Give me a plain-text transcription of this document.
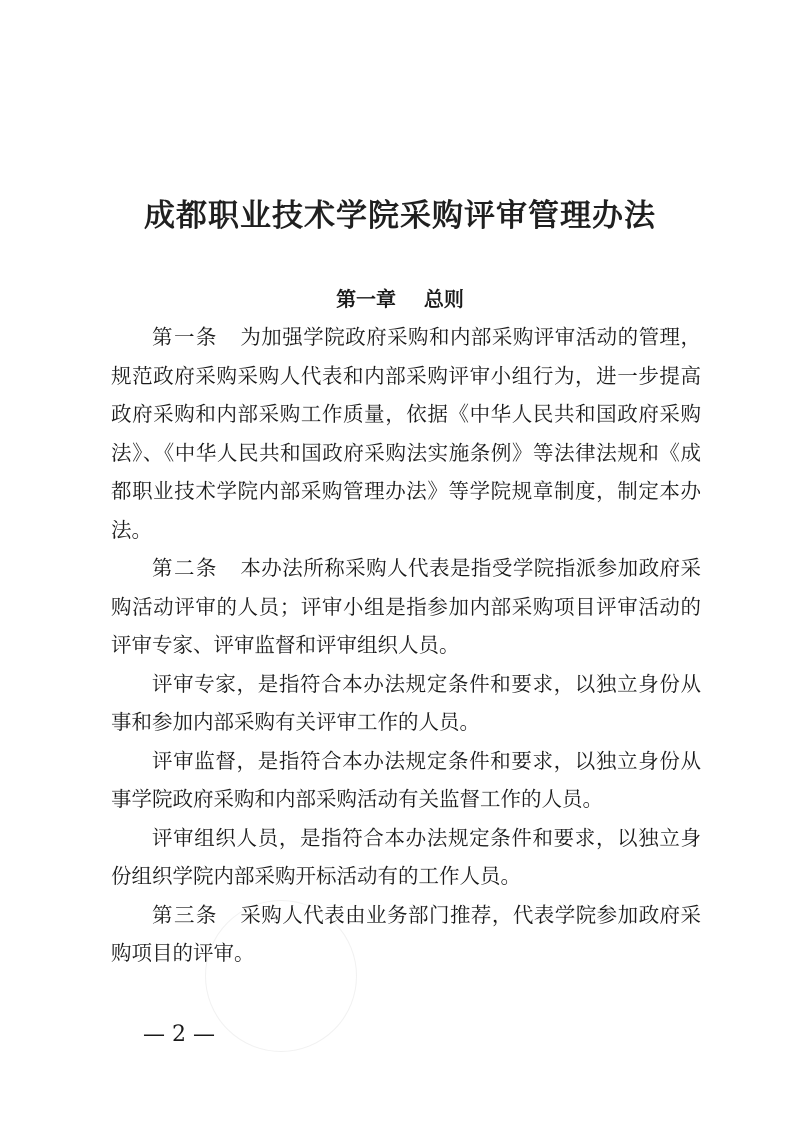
成都职业技术学院采购评审管理办法
第一章    总则

第一条 为加强学院政府采购和内部采购评审活动的管理，规范政府采购采购人代表和内部采购评审小组行为，进一步提高政府采购和内部采购工作质量，依据《中华人民共和国政府采购法》、《中华人民共和国政府采购法实施条例》等法律法规和《成都职业技术学院内部采购管理办法》等学院规章制度，制定本办法。

第二条 本办法所称采购人代表是指受学院指派参加政府采购活动评审的人员；评审小组是指参加内部采购项目评审活动的评审专家、评审监督和评审组织人员。

评审专家，是指符合本办法规定条件和要求，以独立身份从事和参加内部采购有关评审工作的人员。

评审监督，是指符合本办法规定条件和要求，以独立身份从事学院政府采购和内部采购活动有关监督工作的人员。

评审组织人员，是指符合本办法规定条件和要求，以独立身份组织学院内部采购开标活动有的工作人员。

第三条 采购人代表由业务部门推荐，代表学院参加政府采购项目的评审。

— 2 —
